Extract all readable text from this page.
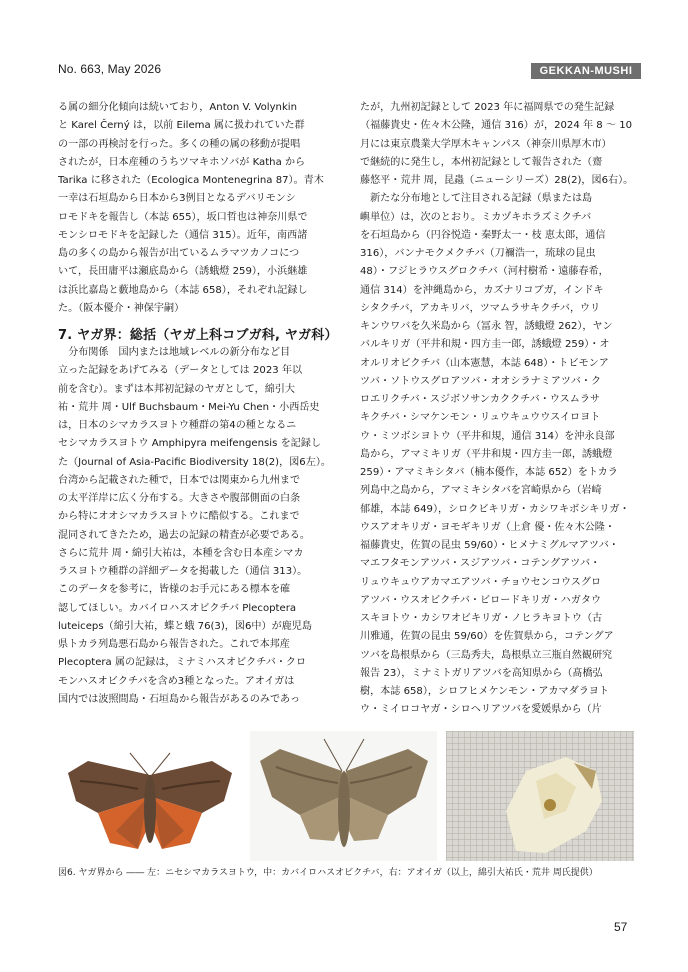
No. 663, May 2026	GEKKAN-MUSHI

る属の細分化傾向は続いており，Anton V. Volynkin

と Karel Černý は，以前 Eilema 属に扱われていた群

の一部の再検討を行った。多くの種の属の移動が提唱

されたが，日本産種のうちツマキホソバが Katha から

Tarika に移された（Ecologica Montenegrina 87）。青木

一幸は石垣島から日本から3例目となるデバリモンシ

ロモドキを報告し（本誌 655），坂口哲也は神奈川県で

モンシロモドキを記録した（通信 315）。近年，南西諸

島の多くの島から報告が出ているムラマツカノコにつ

いて，長田庸平は瀬底島から（誘蛾燈 259），小浜継雄

は浜比嘉島と藪地島から（本誌 658），それぞれ記録し

た。（阪本優介・神保宇嗣）

7. ヤガ界：総括（ヤガ上科コブガ科, ヤガ科）

　分布関係　国内または地域レベルの新分布など目

立った記録をあげてみる（データとしては 2023 年以

前を含む）。まずは本邦初記録のヤガとして，綿引大

祐・荒井 周・Ulf Buchsbaum・Mei-Yu Chen・小西岳史

は，日本のシマカラスヨトウ種群の第4の種となるニ

セシマカラスヨトウ Amphipyra meifengensis を記録し

た（Journal of Asia-Pacific Biodiversity 18(2)，図6左）。

台湾から記載された種で，日本では関東から九州まで

の太平洋岸に広く分布する。大きさや腹部側面の白条

から特にオオシマカラスヨトウに酷似する。これまで

混同されてきたため，過去の記録の精査が必要である。

さらに荒井 周・綿引大祐は，本種を含む日本産シマカ

ラスヨトウ種群の詳細データを掲載した（通信 313）。

このデータを参考に，皆様のお手元にある標本を確

認してほしい。カバイロハスオビクチバ Plecoptera

luteiceps（綿引大祐，蝶と蛾 76(3)，図6中）が鹿児島

県トカラ列島悪石島から報告された。これで本邦産

Plecoptera 属の記録は，ミナミハスオビクチバ・クロ

モンハスオビクチバを含め3種となった。アオイガは

国内では波照間島・石垣島から報告があるのみであっ

たが，九州初記録として 2023 年に福岡県での発生記録

（福藤貴史・佐々木公隆，通信 316）が，2024 年 8 ～ 10

月には東京農業大学厚木キャンパス（神奈川県厚木市）

で継続的に発生し，本州初記録として報告された（齋

藤悠平・荒井 周，昆蟲（ニューシリーズ）28(2)，図6右）。

　新たな分布地として注目される記録（県または島

嶼単位）は，次のとおり。ミカヅキホラズミクチバ

を石垣島から（円谷悦造・秦野太一・枝 恵太郎，通信

316），バンナモクメクチバ（刀禰浩一，琉球の昆虫

48）・フジヒラウスグロクチバ（河村樹希・遠藤春希，

通信 314）を沖縄島から，カズナリコブガ，インドキ

シタクチバ，アカキリバ，ツマムラサキクチバ，ウリ

キンウワバを久米島から（冨永 智，誘蛾燈 262），ヤン

バルキリガ（平井和規・四方圭一郎，誘蛾燈 259）・オ

オルリオビクチバ（山本憲慧，本誌 648）・トビモンア

ツバ・ソトウスグロアツバ・オオシラナミアツバ・ク

ロエリクチバ・スジボソサンカククチバ・ウスムラサ

キクチバ・シマケンモン・リュウキュウウスイロヨト

ウ・ミツボシヨトウ（平井和規，通信 314）を沖永良部

島から，アマミキリガ（平井和規・四方圭一郎，誘蛾燈

259）・アマミキシタバ（楠本優作，本誌 652）をトカラ

列島中之島から，アマミキシタバを宮崎県から（岩崎

郁雄，本誌 649），シロクビキリガ・カシワキボシキリガ・

ウスアオキリガ・ヨモギキリガ（上倉 優・佐々木公隆・

福藤貴史，佐賀の昆虫 59/60）・ヒメナミグルマアツバ・

マエフタモンアツバ・スジアツバ・コテングアツバ・

リュウキュウアカマエアツバ・チョウセンコウスグロ

アツバ・ウスオビクチバ・ビロードキリガ・ハガタウ

スキヨトウ・カシワオビキリガ・ノヒラキヨトウ（古

川雅通，佐賀の昆虫 59/60）を佐賀県から，コテングア

ツバを島根県から（三島秀夫，島根県立三瓶自然観研究

報告 23），ミナミトガリアツバを高知県から（髙橋弘

樹，本誌 658），シロフヒメケンモン・アカマダラヨト

ウ・ミイロコヤガ・シロヘリアツバを愛媛県から（片

図6. ヤガ界から ―― 左：ニセシマカラスヨトウ，中：カバイロハスオビクチバ，右：アオイガ（以上，綿引大祐氏・荒井 周氏提供）
57
